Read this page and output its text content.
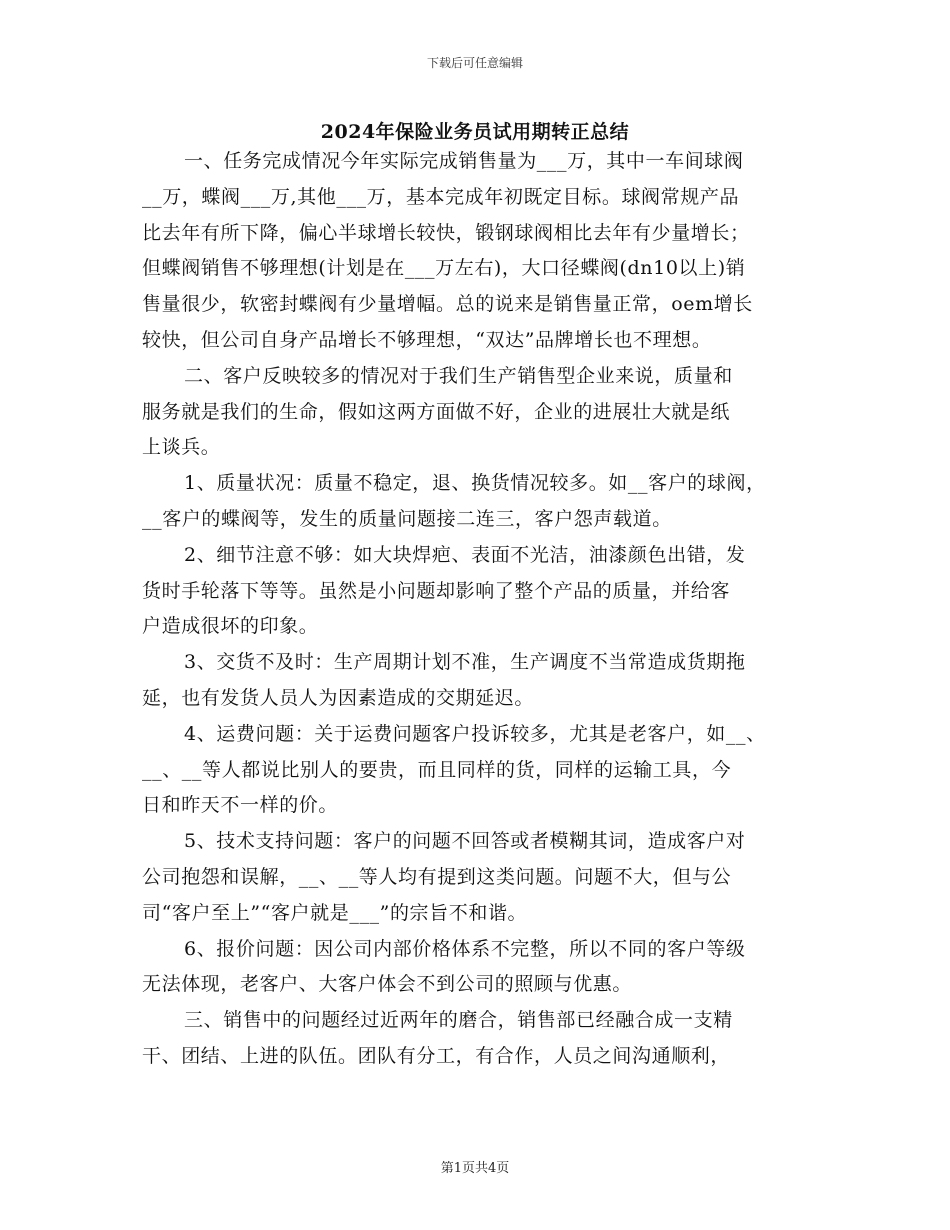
下载后可任意编辑
2024年保险业务员试用期转正总结
一、任务完成情况今年实际完成销售量为___万，其中一车间球阀
__万，蝶阀___万,其他___万，基本完成年初既定目标。球阀常规产品
比去年有所下降，偏心半球增长较快，锻钢球阀相比去年有少量增长；
但蝶阀销售不够理想(计划是在___万左右)，大口径蝶阀(dn10以上)销
售量很少，软密封蝶阀有少量增幅。总的说来是销售量正常，oem增长
较快，但公司自身产品增长不够理想，“双达”品牌增长也不理想。
二、客户反映较多的情况对于我们生产销售型企业来说，质量和
服务就是我们的生命，假如这两方面做不好，企业的进展壮大就是纸
上谈兵。
1、质量状况：质量不稳定，退、换货情况较多。如__客户的球阀，
__客户的蝶阀等，发生的质量问题接二连三，客户怨声载道。
2、细节注意不够：如大块焊疤、表面不光洁，油漆颜色出错，发
货时手轮落下等等。虽然是小问题却影响了整个产品的质量，并给客
户造成很坏的印象。
3、交货不及时：生产周期计划不准，生产调度不当常造成货期拖
延，也有发货人员人为因素造成的交期延迟。
4、运费问题：关于运费问题客户投诉较多，尤其是老客户，如__、
__、__等人都说比别人的要贵，而且同样的货，同样的运输工具，今
日和昨天不一样的价。
5、技术支持问题：客户的问题不回答或者模糊其词，造成客户对
公司抱怨和误解，__、__等人均有提到这类问题。问题不大，但与公
司“客户至上”“客户就是___”的宗旨不和谐。
6、报价问题：因公司内部价格体系不完整，所以不同的客户等级
无法体现，老客户、大客户体会不到公司的照顾与优惠。
三、销售中的问题经过近两年的磨合，销售部已经融合成一支精
干、团结、上进的队伍。团队有分工，有合作，人员之间沟通顺利，
第1页共4页
